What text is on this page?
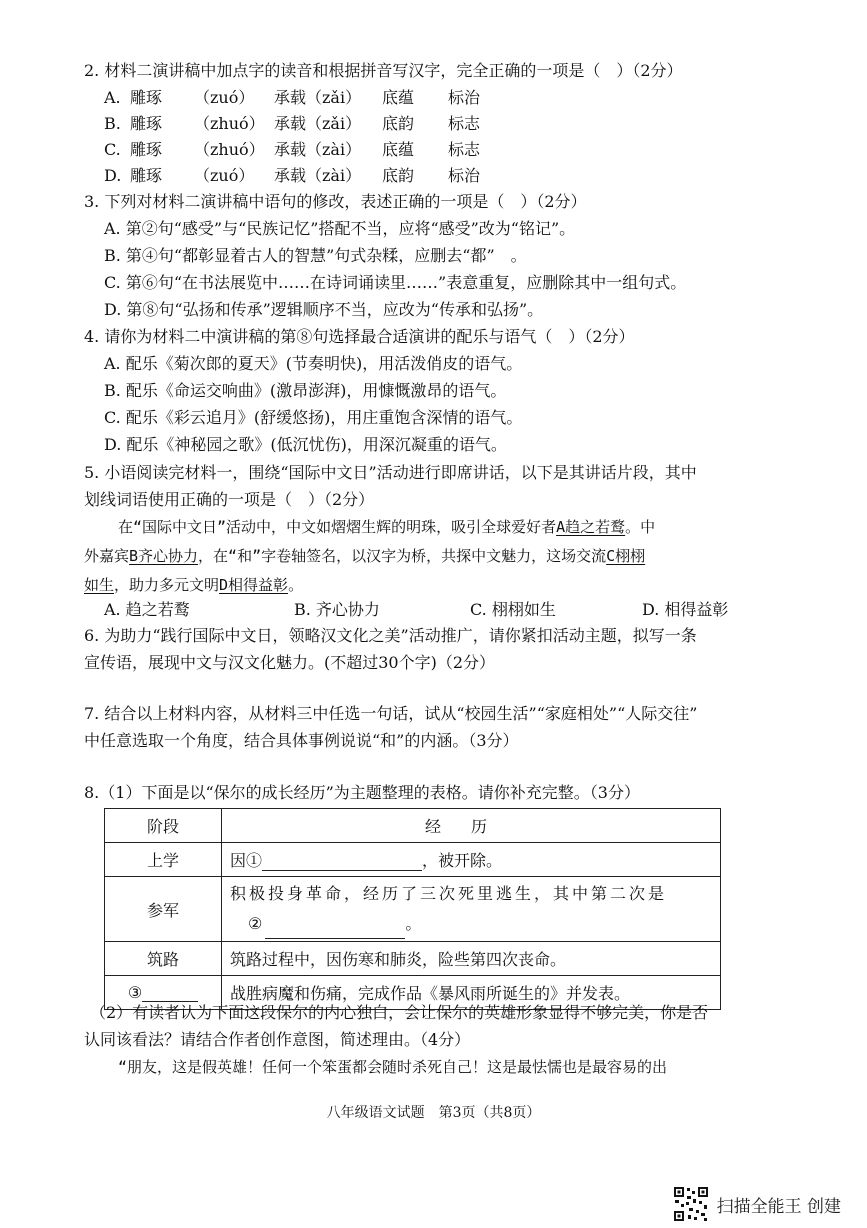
2. 材料二演讲稿中加点字的读音和根据拼音写汉字，完全正确的一项是（　）（2分）
3. 下列对材料二演讲稿中语句的修改，表述正确的一项是（　）（2分）
A. 第②句“感受”与“民族记忆”搭配不当，应将“感受”改为“铭记”。
B. 第④句“都彰显着古人的智慧”句式杂糅，应删去“都”　。
C. 第⑥句“在书法展览中……在诗词诵读里……”表意重复，应删除其中一组句式。
D. 第⑧句“弘扬和传承”逻辑顺序不当，应改为“传承和弘扬”。
4. 请你为材料二中演讲稿的第⑧句选择最合适演讲的配乐与语气（　）（2分）
A. 配乐《菊次郎的夏天》(节奏明快)，用活泼俏皮的语气。
B. 配乐《命运交响曲》(激昂澎湃)，用慷慨激昂的语气。
C. 配乐《彩云追月》(舒缓悠扬)，用庄重饱含深情的语气。
D. 配乐《神秘园之歌》(低沉忧伤)，用深沉凝重的语气。
5. 小语阅读完材料一，围绕“国际中文日”活动进行即席讲话，以下是其讲话片段，其中
划线词语使用正确的一项是（　）（2分）
在“国际中文日”活动中，中文如熠熠生辉的明珠，吸引全球爱好者A趋之若鹜。中
外嘉宾B齐心协力，在“和”字卷轴签名，以汉字为桥，共探中文魅力，这场交流C栩栩
如生，助力多元文明D相得益彰。
A. 趋之若鹜	B. 齐心协力	C. 栩栩如生	D. 相得益彰
6. 为助力“践行国际中文日，领略汉文化之美”活动推广，请你紧扣活动主题，拟写一条
宣传语，展现中文与汉文化魅力。(不超过30个字)（2分）
7. 结合以上材料内容，从材料三中任选一句话，试从“校园生活”“家庭相处”“人际交往”
中任意选取一个角度，结合具体事例说说“和”的内涵。（3分）
8.（1）下面是以“保尔的成长经历”为主题整理的表格。请你补充完整。（3分）
阶段	经历
上学	因① ，被开除。
参军	积极投身革命，经历了三次死里逃生，其中第二次是
② 。
筑路	筑路过程中，因伤寒和肺炎，险些第四次丧命。
③	战胜病魔和伤痛，完成作品《暴风雨所诞生的》并发表。
（2）有读者认为下面这段保尔的内心独白，会让保尔的英雄形象显得不够完美，你是否
认同该看法？请结合作者创作意图，简述理由。（4分）
“朋友，这是假英雄！任何一个笨蛋都会随时杀死自己！这是最怯懦也是最容易的出
八年级语文试题　第3页（共8页）
扫描全能王 创建
A. 雕琢	（zuó）	承载（zǎi）	底蕴	标治
B. 雕琢	（zhuó） 承载（zǎi）	底韵	标志
C. 雕琢	（zhuó） 承载（zài）	底蕴	标志
D. 雕琢	（zuó）	承载（zài）	底韵	标治
